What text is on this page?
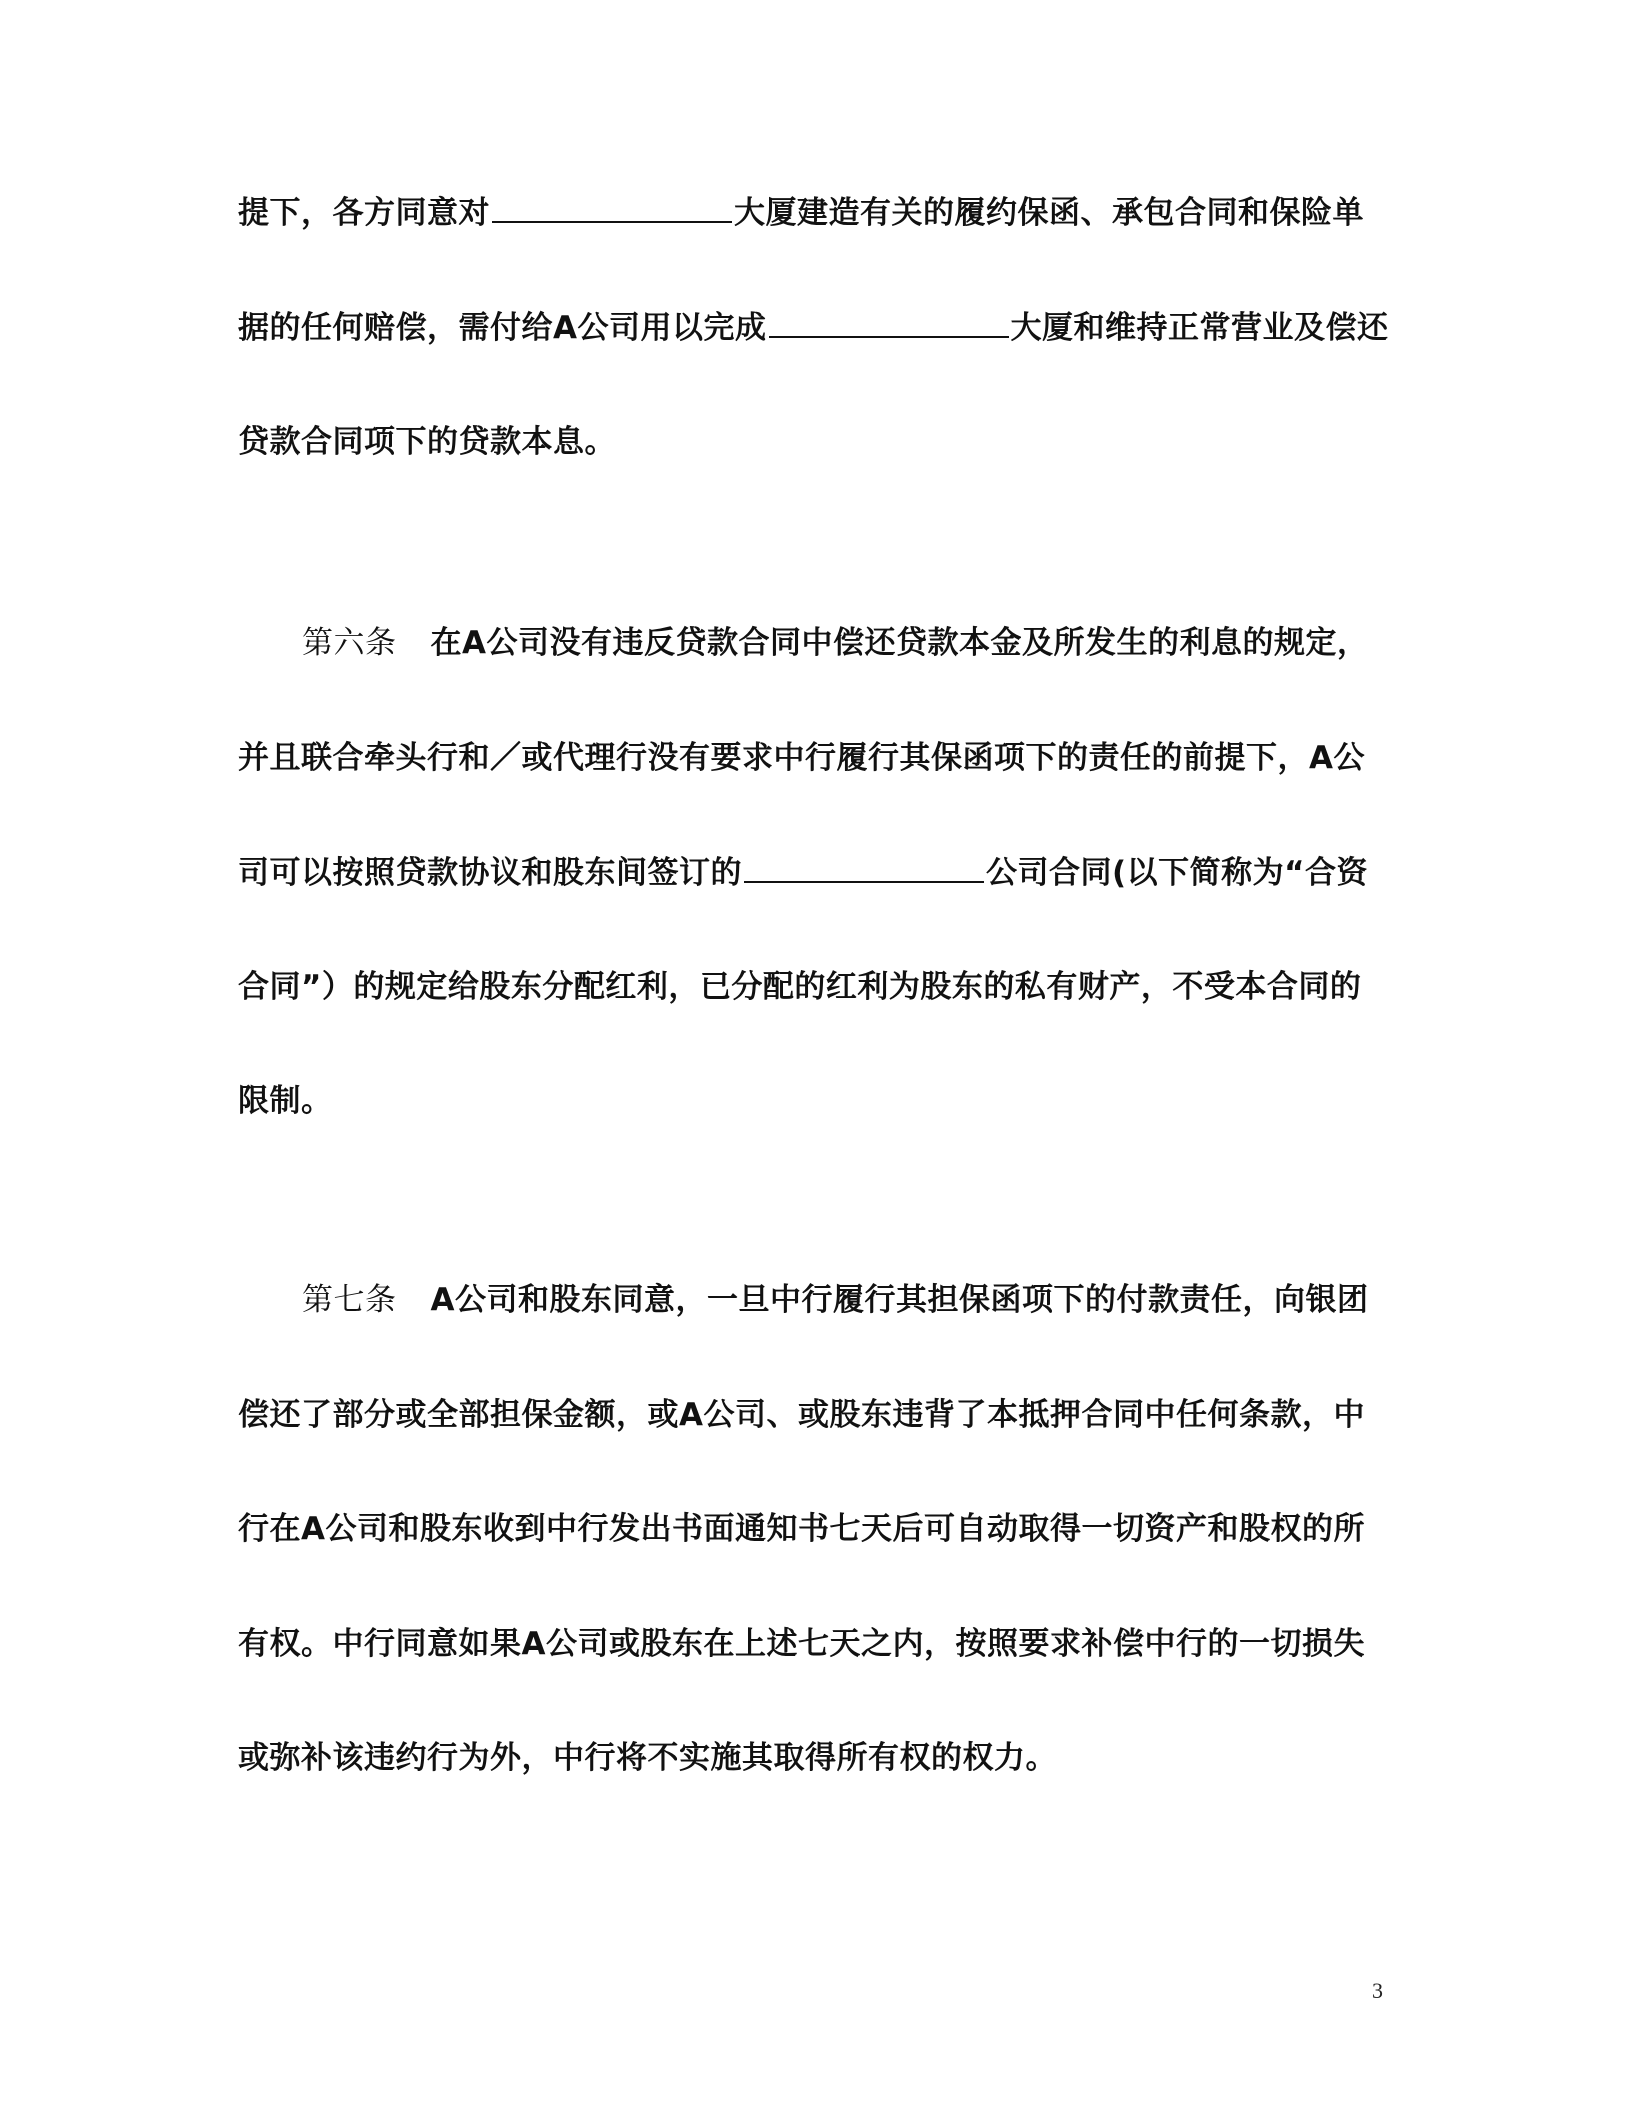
提下，各方同意对	大厦建造有关的履约保函、承包合同和保险单
据的任何赔偿，需付给A公司用以完成	大厦和维持正常营业及偿还
贷款合同项下的贷款本息。
第六条 在A公司没有违反贷款合同中偿还贷款本金及所发生的利息的规定，
并且联合牵头行和／或代理行没有要求中行履行其保函项下的责任的前提下，A公
司可以按照贷款协议和股东间签订的	公司合同(以下简称为“合资
合同”）的规定给股东分配红利，已分配的红利为股东的私有财产，不受本合同的
限制。
第七条 A公司和股东同意，一旦中行履行其担保函项下的付款责任，向银团
偿还了部分或全部担保金额，或A公司、或股东违背了本抵押合同中任何条款，中
行在A公司和股东收到中行发出书面通知书七天后可自动取得一切资产和股权的所
有权。中行同意如果A公司或股东在上述七天之内，按照要求补偿中行的一切损失
或弥补该违约行为外，中行将不实施其取得所有权的权力。
3
